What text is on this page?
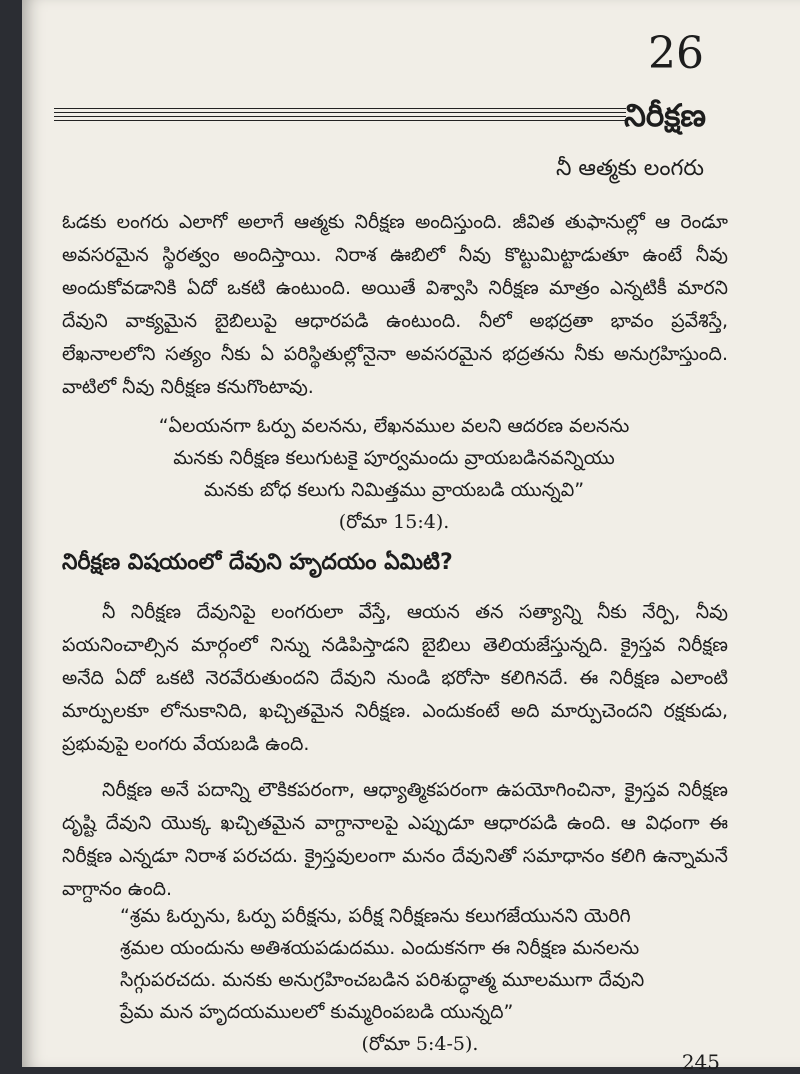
26
నిరీక్షణ
నీ ఆత్మకు లంగరు
ఓడకు లంగరు ఎలాగో అలాగే ఆత్మకు నిరీక్షణ అందిస్తుంది. జీవిత తుఫానుల్లో ఆ రెండూ అవసరమైన స్థిరత్వం అందిస్తాయి. నిరాశ ఊబిలో నీవు కొట్టుమిట్టాడుతూ ఉంటే నీవు అందుకోవడానికి ఏదో ఒకటి ఉంటుంది. అయితే విశ్వాసి నిరీక్షణ మాత్రం ఎన్నటికీ మారని దేవుని వాక్యమైన బైబిలుపై ఆధారపడి ఉంటుంది. నీలో అభద్రతా భావం ప్రవేశిస్తే, లేఖనాలలోని సత్యం నీకు ఏ పరిస్థితుల్లోనైనా అవసరమైన భద్రతను నీకు అనుగ్రహిస్తుంది. వాటిలో నీవు నిరీక్షణ కనుగొంటావు.
“ఏలయనగా ఓర్పు వలనను, లేఖనముల వలని ఆదరణ వలనను
మనకు నిరీక్షణ కలుగుటకై పూర్వమందు వ్రాయబడినవన్నియు
మనకు బోధ కలుగు నిమిత్తము వ్రాయబడి యున్నవి”
(రోమా 15:4).
నిరీక్షణ విషయంలో దేవుని హృదయం ఏమిటి?
నీ నిరీక్షణ దేవునిపై లంగరులా వేస్తే, ఆయన తన సత్యాన్ని నీకు నేర్పి, నీవు పయనించాల్సిన మార్గంలో నిన్ను నడిపిస్తాడని బైబిలు తెలియజేస్తున్నది. క్రైస్తవ నిరీక్షణ అనేది ఏదో ఒకటి నెరవేరుతుందని దేవుని నుండి భరోసా కలిగినదే. ఈ నిరీక్షణ ఎలాంటి మార్పులకూ లోనుకానిది, ఖచ్చితమైన నిరీక్షణ. ఎందుకంటే అది మార్పుచెందని రక్షకుడు, ప్రభువుపై లంగరు వేయబడి ఉంది.
నిరీక్షణ అనే పదాన్ని లౌకికపరంగా, ఆధ్యాత్మికపరంగా ఉపయోగించినా, క్రైస్తవ నిరీక్షణ దృష్టి దేవుని యొక్క ఖచ్చితమైన వాగ్దానాలపై ఎప్పుడూ ఆధారపడి ఉంది. ఆ విధంగా ఈ నిరీక్షణ ఎన్నడూ నిరాశ పరచదు. క్రైస్తవులంగా మనం దేవునితో సమాధానం కలిగి ఉన్నామనే వాగ్దానం ఉంది.
“శ్రమ ఓర్పును, ఓర్పు పరీక్షను, పరీక్ష నిరీక్షణను కలుగజేయునని యెరిగి
శ్రమల యందును అతిశయపడుదము. ఎందుకనగా ఈ నిరీక్షణ మనలను
సిగ్గుపరచదు. మనకు అనుగ్రహించబడిన పరిశుద్ధాత్మ మూలముగా దేవుని
ప్రేమ మన హృదయములలో కుమ్మరింపబడి యున్నది”
(రోమా 5:4-5).
245
